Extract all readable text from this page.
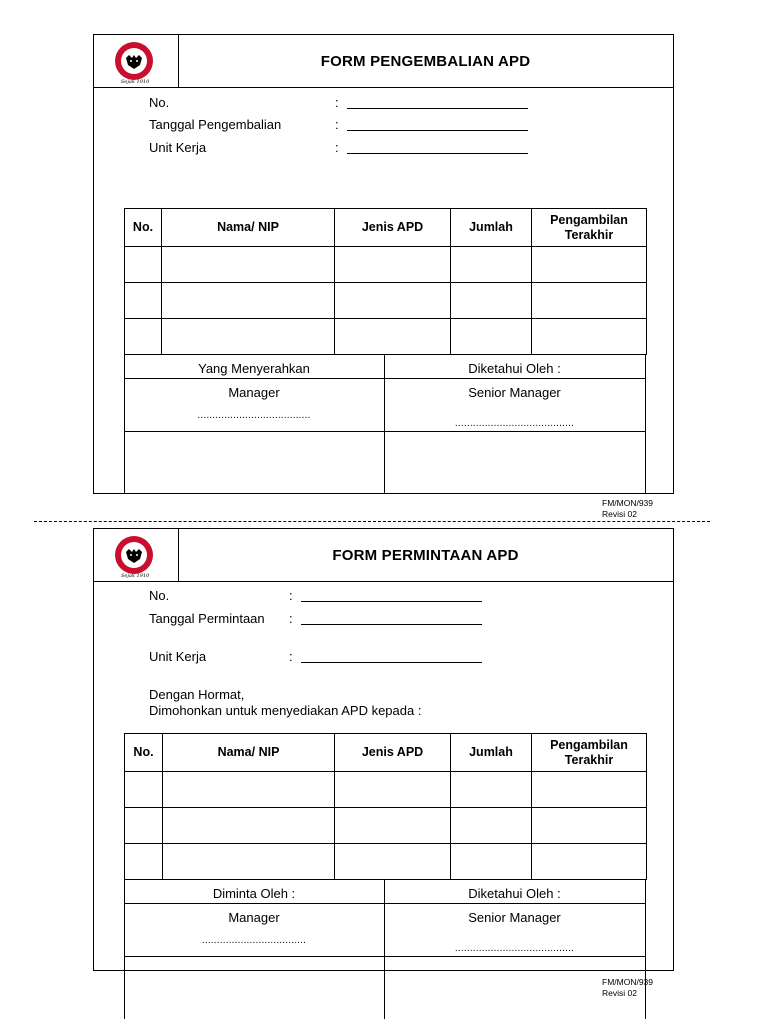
Sejak 1910
FORM PENGEMBALIAN APD
No.	:
Tanggal Pengembalian	:
Unit Kerja	:
No.	Nama/ NIP	Jenis APD	Jumlah	Pengambilan Terakhir

Yang Menyerahkan	Diketahui Oleh :
Manager	Senior Manager
......................................
........................................
FM/MON/939
Revisi 02
Sejak 1910
FORM PERMINTAAN APD
No.	:
Tanggal Permintaan :
Unit Kerja	:
Dengan Hormat,
Dimohonkan untuk menyediakan APD kepada :
No.	Nama/ NIP	Jenis APD	Jumlah	Pengambilan Terakhir

Diminta Oleh :	Diketahui Oleh :
Manager	Senior Manager
...................................
........................................
FM/MON/939
Revisi 02
